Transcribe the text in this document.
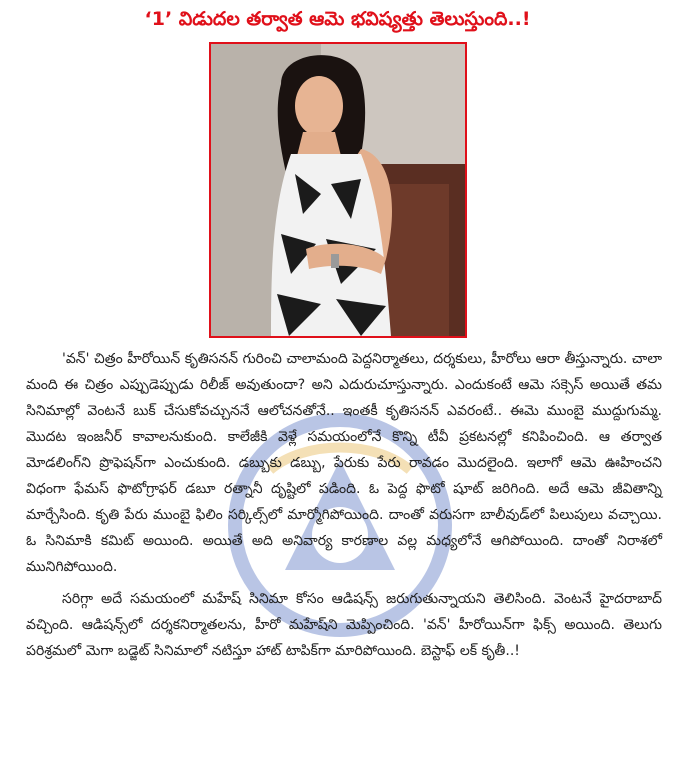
‘1’ విడుదల తర్వాత ఆమె భవిష్యత్తు తెలుస్తుంది..!

'వన్' చిత్రం హీరోయిన్ కృతిసనన్ గురించి చాలామంది పెద్దనిర్మాతలు, దర్శకులు, హీరోలు ఆరా తీస్తున్నారు. చాలా మంది ఈ చిత్రం ఎప్పుడెప్పుడు రిలీజ్ అవుతుందా? అని ఎదురుచూస్తున్నారు. ఎందుకంటే ఆమె సక్సెస్ అయితే తమ సినిమాల్లో వెంటనే బుక్ చేసుకోవచ్చుననే ఆలోచనతోనే.. ఇంతకీ కృతిసనన్ ఎవరంటే.. ఈమె ముంబై ముద్దుగుమ్మ. మొదట ఇంజనీర్ కావాలనుకుంది. కాలేజీకి వెళ్లే సమయంలోనే కొన్ని టీవీ ప్రకటనల్లో కనిపించింది. ఆ తర్వాత మోడలింగ్‌ని ప్రొఫెషన్‌గా ఎంచుకుంది. డబ్బుకు డబ్బు, పేరుకు పేరు రావడం మొదలైంది. ఇలాగో ఆమె ఊహించని విధంగా ఫేమస్ ఫొటోగ్రాఫర్ డబూ రత్నానీ దృష్టిలో పడింది. ఓ పెద్ద ఫొటో షూట్ జరిగింది. అదే ఆమె జీవితాన్ని మార్చేసింది. కృతి పేరు ముంబై ఫిలిం సర్కిల్స్‌లో మార్మోగిపోయింది. దాంతో వరుసగా బాలీవుడ్‌లో పిలుపులు వచ్చాయి. ఓ సినిమాకి కమిట్ అయింది. అయితే అది అనివార్య కారణాల వల్ల మధ్యలోనే ఆగిపోయింది. దాంతో నిరాశలో మునిగిపోయింది.

సరిగ్గా అదే సమయంలో మహేష్ సినిమా కోసం ఆడిషన్స్ జరుగుతున్నాయని తెలిసింది. వెంటనే హైదరాబాద్ వచ్చింది. ఆడిషన్స్‌లో దర్శకనిర్మాతలను, హీరో మహేష్‌ని మెప్పించింది. 'వన్' హీరోయిన్‌గా ఫిక్స్ అయింది. తెలుగు పరిశ్రమలో మెగా బడ్జెట్ సినిమాలో నటిస్తూ హాట్ టాపిక్‌గా మారిపోయింది. బెస్టాఫ్ లక్ కృతీ..!
